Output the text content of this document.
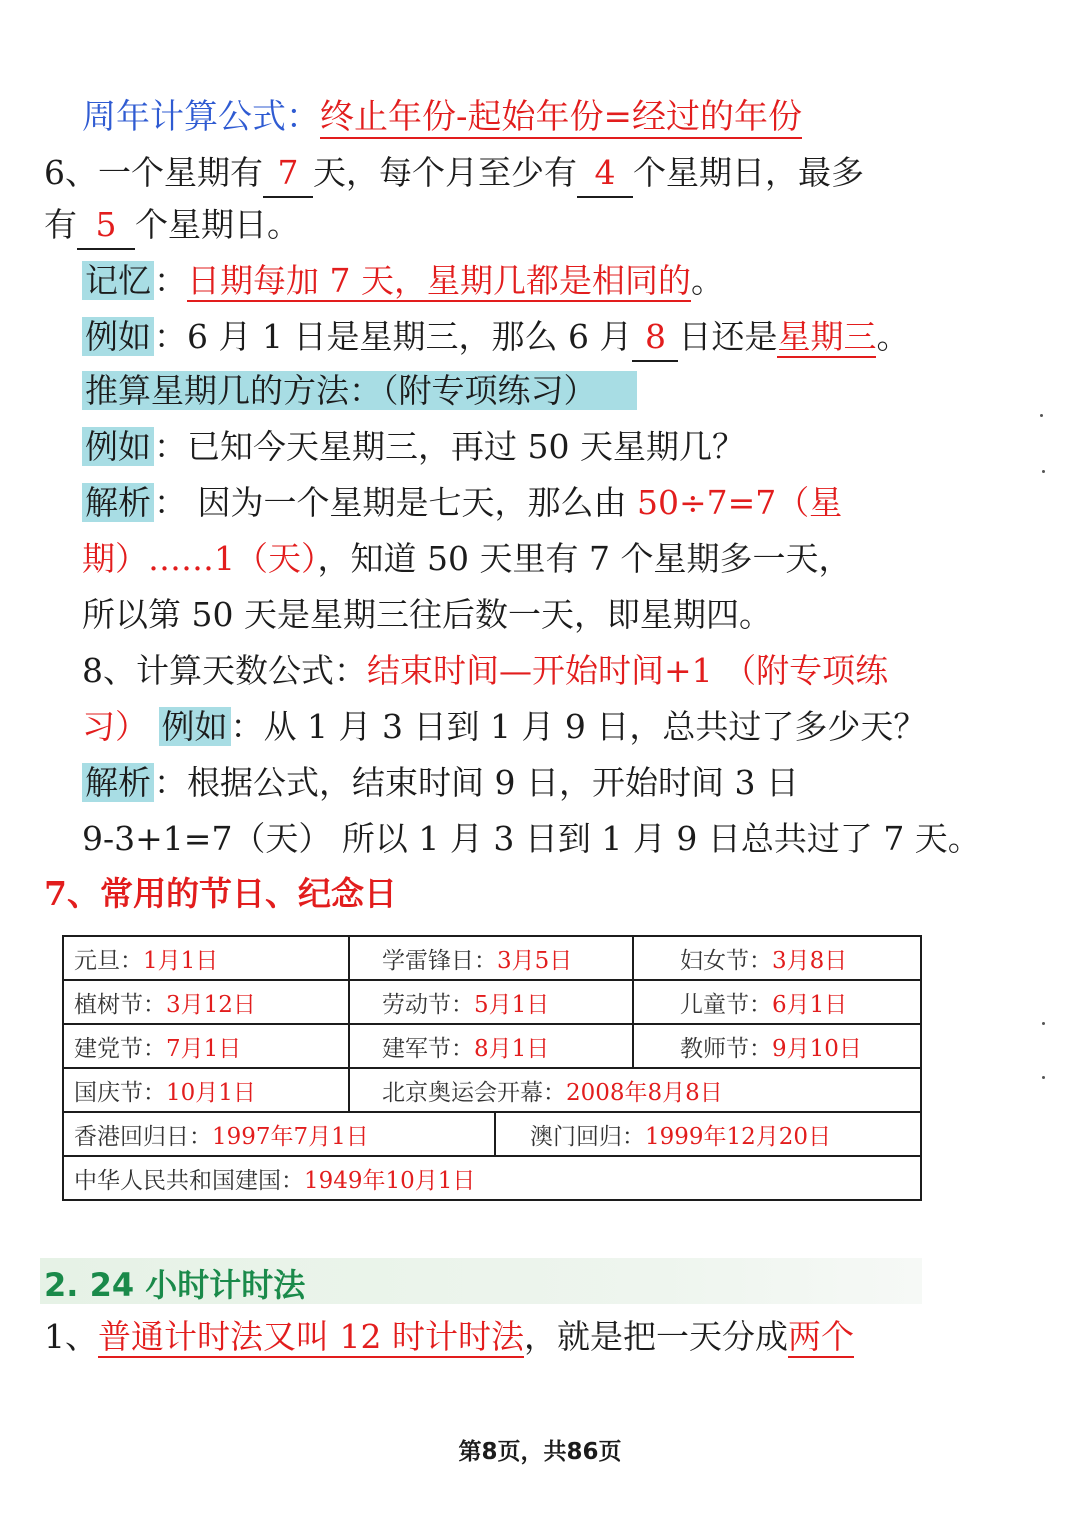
周年计算公式：终止年份-起始年份=经过的年份
6、一个星期有 7 天，每个月至少有 4 个星期日，最多
有 5 个星期日。
记忆：日期每加 7 天，星期几都是相同的。
例如：6 月 1 日是星期三，那么 6 月 8 日还是星期三。
推算星期几的方法：（附专项练习）
例如：已知今天星期三，再过 50 天星期几？
解析： 因为一个星期是七天，那么由 50÷7=7（星
期）……1（天），知道 50 天里有 7 个星期多一天，
所以第 50 天是星期三往后数一天，即星期四。
8、计算天数公式：结束时间—开始时间+1 （附专项练
习） 例如：从 1 月 3 日到 1 月 9 日，总共过了多少天？
解析：根据公式，结束时间 9 日，开始时间 3 日
9-3+1=7（天） 所以 1 月 3 日到 1 月 9 日总共过了 7 天。
7、常用的节日、纪念日
元旦：1月1日	学雷锋日：3月5日		妇女节：3月8日
植树节：3月12日	劳动节：5月1日		儿童节：6月1日
建党节：7月1日	建军节：8月1日		教师节：9月10日
国庆节：10月1日	北京奥运会开幕：2008年8月8日		
香港回归日：1997年7月1日		澳门回归：1999年12月20日	
中华人民共和国建国：1949年10月1日			
2. 24 小时计时法
1、普通计时法又叫 12 时计时法，就是把一天分成两个
第8页，共86页
